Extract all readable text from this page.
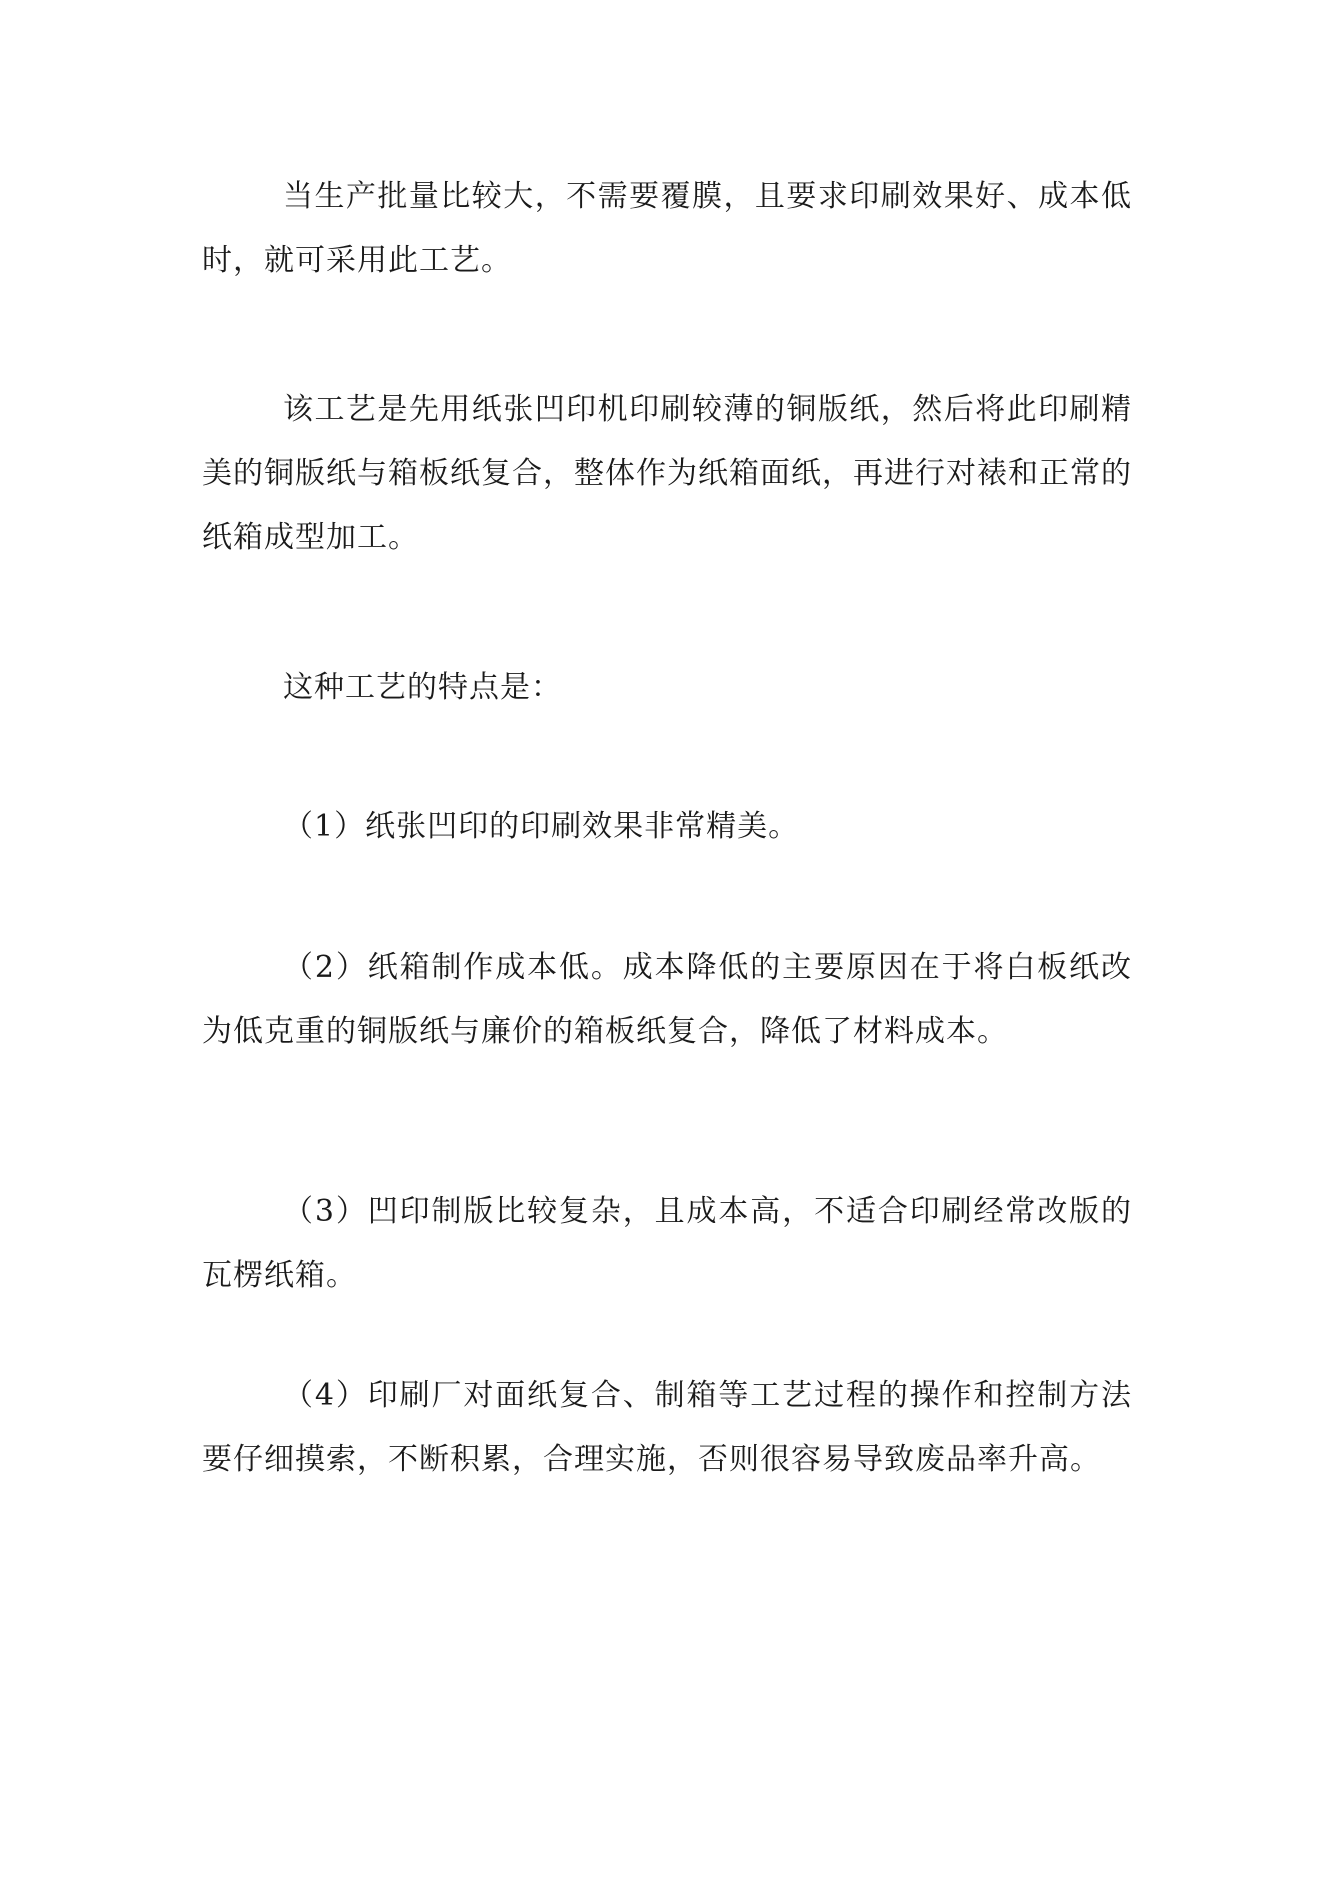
当生产批量比较大，不需要覆膜，且要求印刷效果好、成本低时，就可采用此工艺。

该工艺是先用纸张凹印机印刷较薄的铜版纸，然后将此印刷精美的铜版纸与箱板纸复合，整体作为纸箱面纸，再进行对裱和正常的纸箱成型加工。

这种工艺的特点是：

（1）纸张凹印的印刷效果非常精美。

（2）纸箱制作成本低。成本降低的主要原因在于将白板纸改为低克重的铜版纸与廉价的箱板纸复合，降低了材料成本。

（3）凹印制版比较复杂，且成本高，不适合印刷经常改版的瓦楞纸箱。

（4）印刷厂对面纸复合、制箱等工艺过程的操作和控制方法要仔细摸索，不断积累，合理实施，否则很容易导致废品率升高。
